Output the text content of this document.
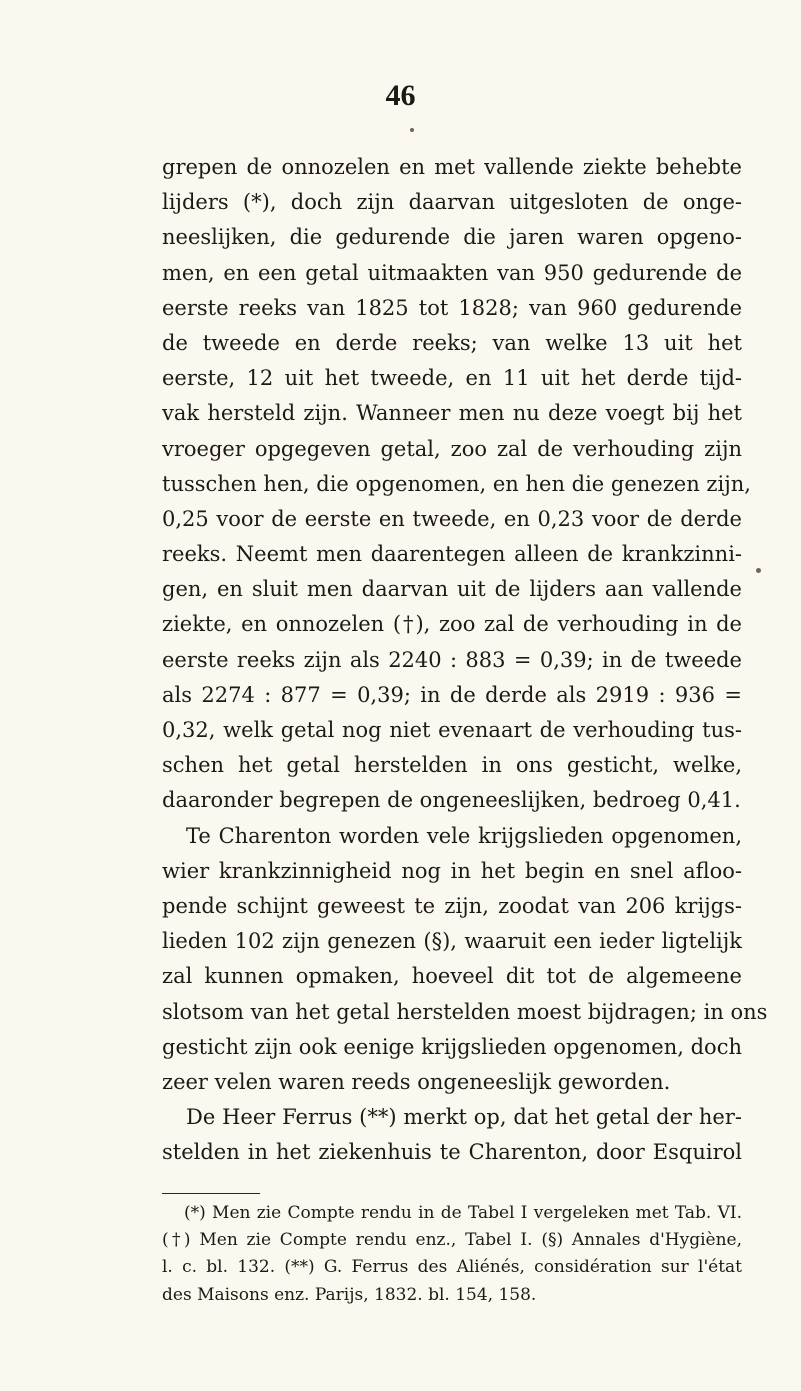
46
grepen de onnozelen en met vallende ziekte behebte
lijders (*), doch zijn daarvan uitgesloten de onge-
neeslijken, die gedurende die jaren waren opgeno-
men, en een getal uitmaakten van 950 gedurende de
eerste reeks van 1825 tot 1828; van 960 gedurende
de tweede en derde reeks; van welke 13 uit het
eerste, 12 uit het tweede, en 11 uit het derde tijd-
vak hersteld zijn. Wanneer men nu deze voegt bij het
vroeger opgegeven getal, zoo zal de verhouding zijn
tusschen hen, die opgenomen, en hen die genezen zijn,
0,25 voor de eerste en tweede, en 0,23 voor de derde
reeks. Neemt men daarentegen alleen de krankzinni-
gen, en sluit men daarvan uit de lijders aan vallende
ziekte, en onnozelen (†), zoo zal de verhouding in de
eerste reeks zijn als 2240 : 883 = 0,39; in de tweede
als 2274 : 877 = 0,39; in de derde als 2919 : 936 =
0,32, welk getal nog niet evenaart de verhouding tus-
schen het getal herstelden in ons gesticht, welke,
daaronder begrepen de ongeneeslijken, bedroeg 0,41.
Te Charenton worden vele krijgslieden opgenomen,
wier krankzinnigheid nog in het begin en snel afloo-
pende schijnt geweest te zijn, zoodat van 206 krijgs-
lieden 102 zijn genezen (§), waaruit een ieder ligtelijk
zal kunnen opmaken, hoeveel dit tot de algemeene
slotsom van het getal herstelden moest bijdragen; in ons
gesticht zijn ook eenige krijgslieden opgenomen, doch
zeer velen waren reeds ongeneeslijk geworden.
De Heer Ferrus (**) merkt op, dat het getal der her-
stelden in het ziekenhuis te Charenton, door Esquirol
(*) Men zie Compte rendu in de Tabel I vergeleken met Tab. VI.
(†) Men zie Compte rendu enz., Tabel I. (§) Annales d'Hygiène,
l. c. bl. 132. (**) G. Ferrus des Aliénés, considération sur l'état
des Maisons enz. Parijs, 1832. bl. 154, 158.
